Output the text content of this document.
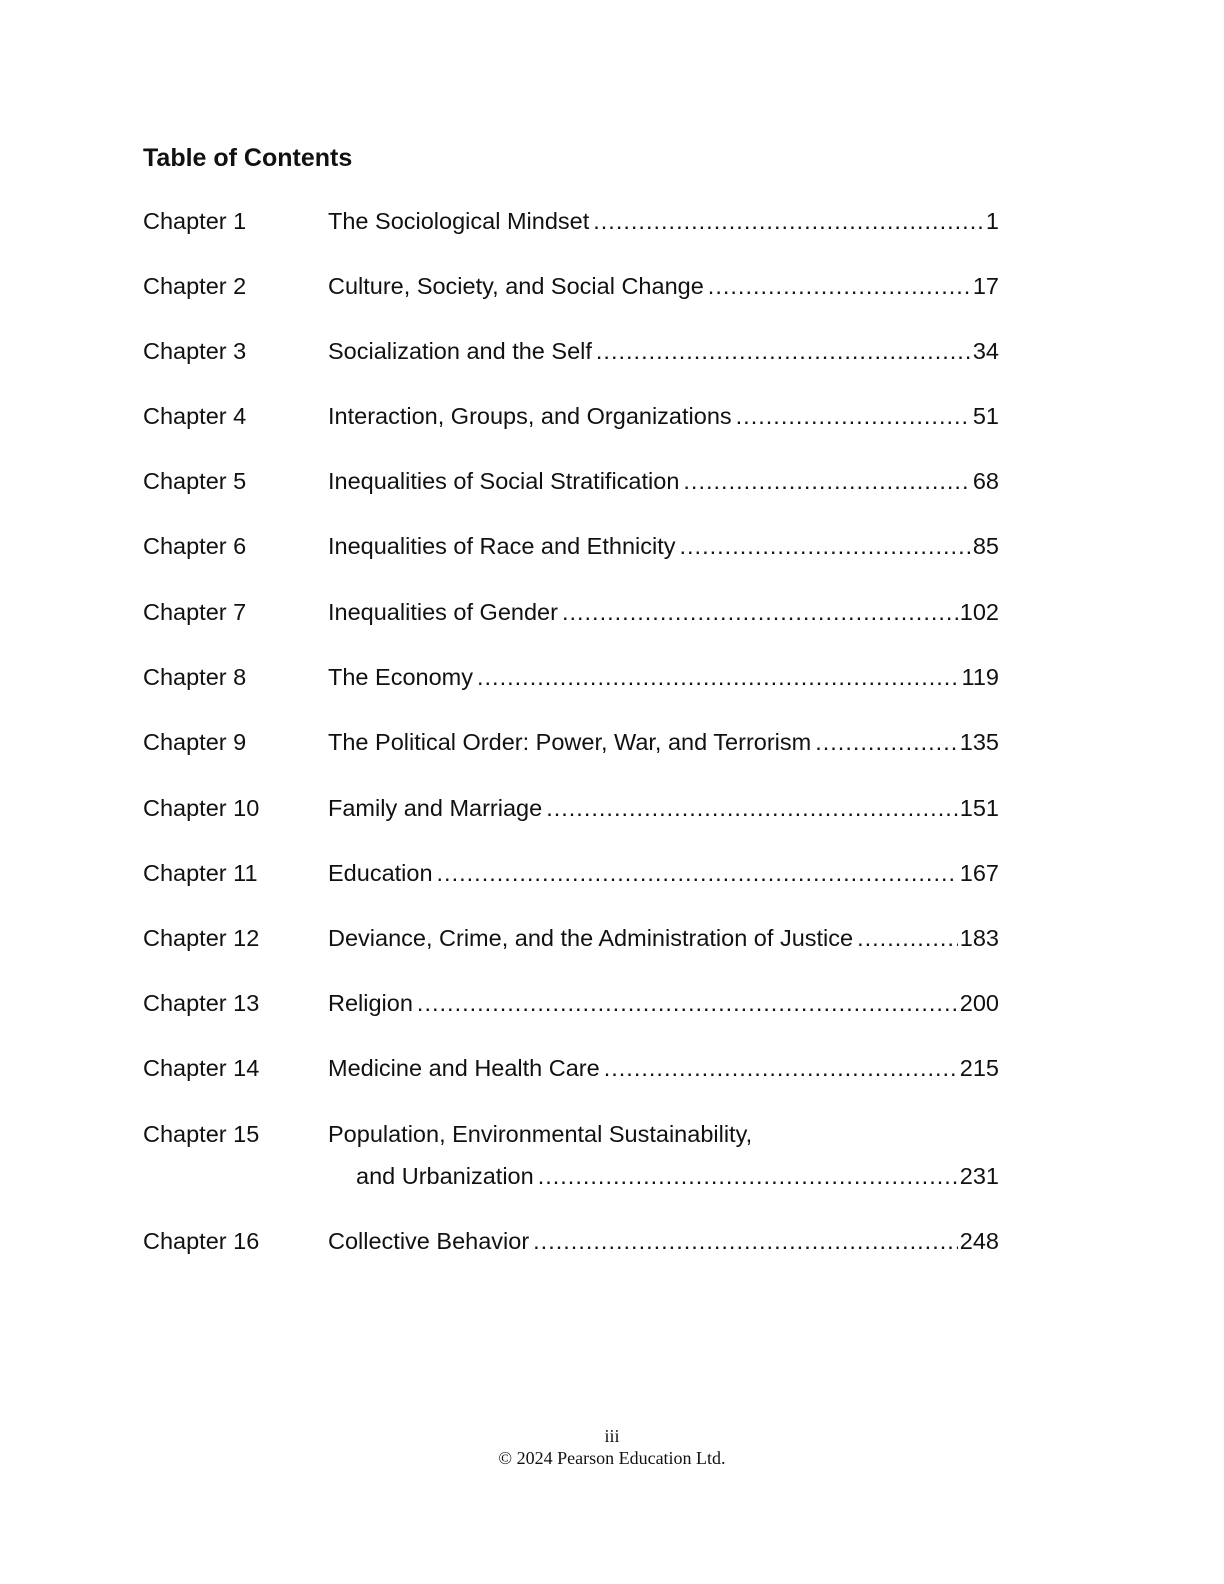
Table of Contents
Chapter 1	The Sociological Mindset .....	1
Chapter 2	Culture, Society, and Social Change .....	17
Chapter 3	Socialization and the Self .....	34
Chapter 4	Interaction, Groups, and Organizations .....	51
Chapter 5	Inequalities of Social Stratification .....	68
Chapter 6	Inequalities of Race and Ethnicity .....	85
Chapter 7	Inequalities of Gender .....	102
Chapter 8	The Economy .....	119
Chapter 9	The Political Order: Power, War, and Terrorism .....	135
Chapter 10	Family and Marriage .....	151
Chapter 11	Education .....	167
Chapter 12	Deviance, Crime, and the Administration of Justice .....	183
Chapter 13	Religion .....	200
Chapter 14	Medicine and Health Care .....	215
Chapter 15	Population, Environmental Sustainability,
and Urbanization .....	231
Chapter 16	Collective Behavior .....	248
iii
© 2024 Pearson Education Ltd.
